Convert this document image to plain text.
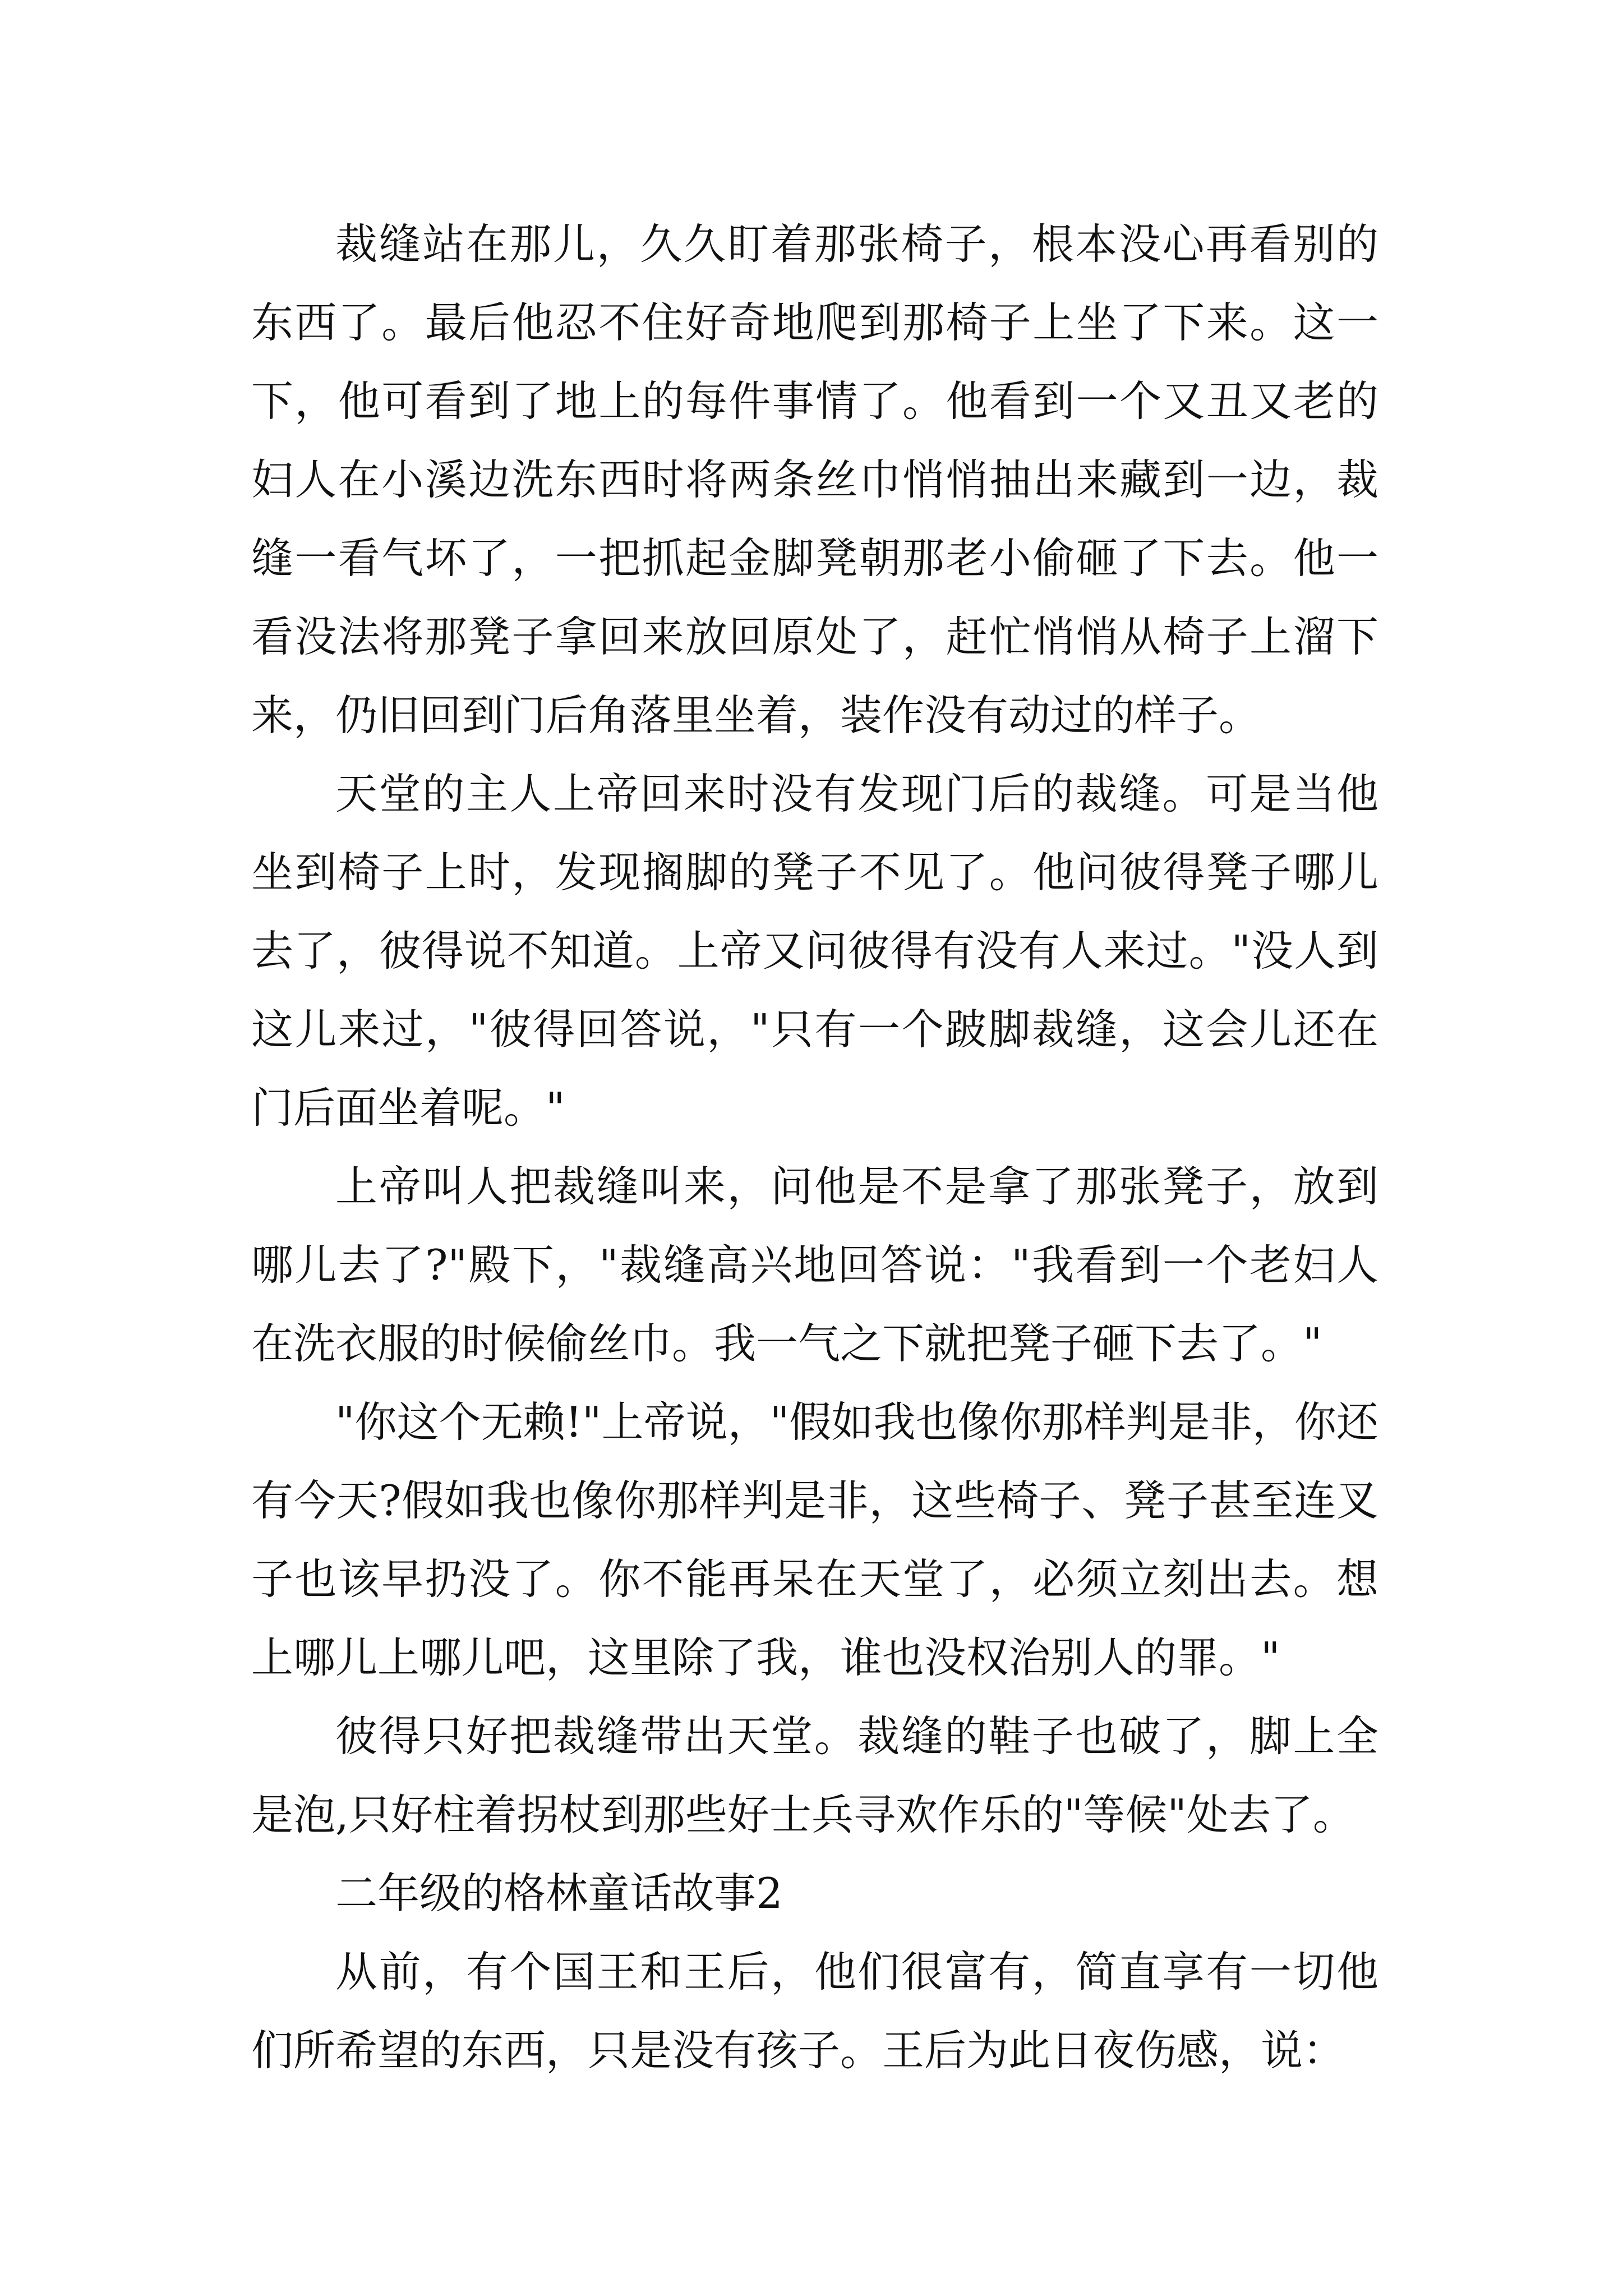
裁缝站在那儿，久久盯着那张椅子，根本没心再看别的东西了。最后他忍不住好奇地爬到那椅子上坐了下来。这一下，他可看到了地上的每件事情了。他看到一个又丑又老的妇人在小溪边洗东西时将两条丝巾悄悄抽出来藏到一边，裁缝一看气坏了，一把抓起金脚凳朝那老小偷砸了下去。他一看没法将那凳子拿回来放回原处了，赶忙悄悄从椅子上溜下来，仍旧回到门后角落里坐着，装作没有动过的样子。

天堂的主人上帝回来时没有发现门后的裁缝。可是当他坐到椅子上时，发现搁脚的凳子不见了。他问彼得凳子哪儿去了，彼得说不知道。上帝又问彼得有没有人来过。"没人到这儿来过，"彼得回答说，"只有一个跛脚裁缝，这会儿还在门后面坐着呢。"

上帝叫人把裁缝叫来，问他是不是拿了那张凳子，放到哪儿去了?"殿下，"裁缝高兴地回答说："我看到一个老妇人在洗衣服的时候偷丝巾。我一气之下就把凳子砸下去了。"

"你这个无赖!"上帝说，"假如我也像你那样判是非，你还有今天?假如我也像你那样判是非，这些椅子、凳子甚至连叉子也该早扔没了。你不能再呆在天堂了，必须立刻出去。想上哪儿上哪儿吧，这里除了我，谁也没权治别人的罪。"

彼得只好把裁缝带出天堂。裁缝的鞋子也破了，脚上全是泡,只好柱着拐杖到那些好士兵寻欢作乐的"等候"处去了。

二年级的格林童话故事2

从前，有个国王和王后，他们很富有，简直享有一切他们所希望的东西，只是没有孩子。王后为此日夜伤感，说：
